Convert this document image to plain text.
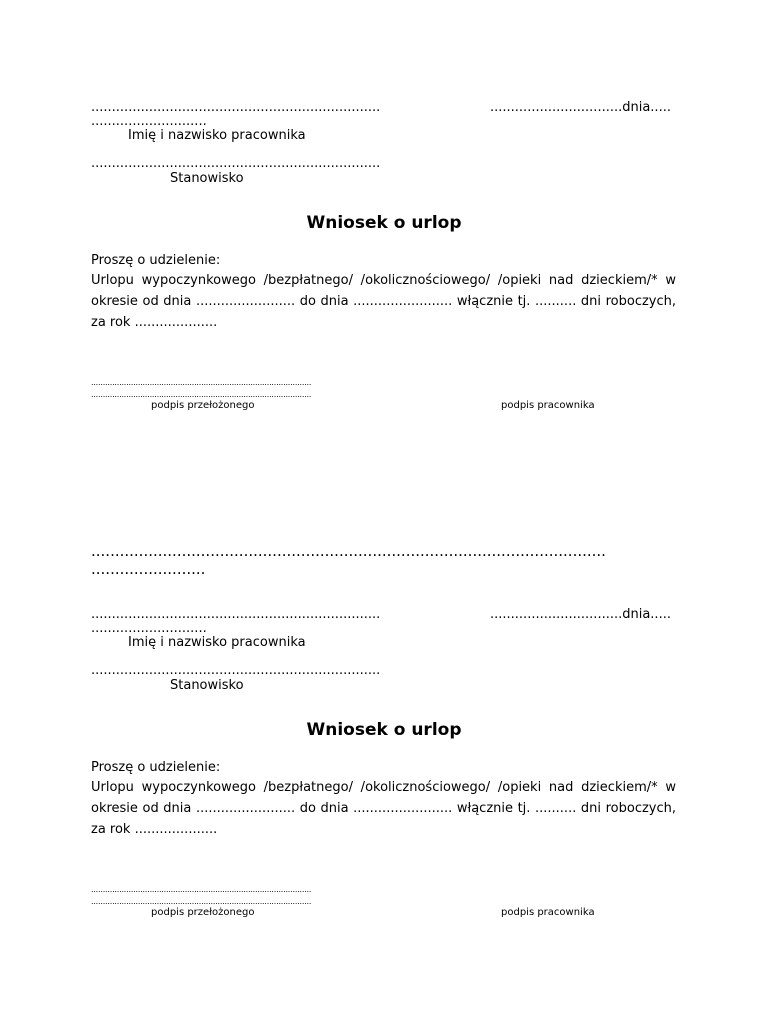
......................................................................	................................dnia.....
............................
Imię i nazwisko pracownika
......................................................................
Stanowisko
Wniosek o urlop
Proszę o udzielenie:
Urlopu wypoczynkowego /bezpłatnego/ /okolicznościowego/ /opieki nad dzieckiem/* w okresie od dnia ........................ do dnia ........................ włącznie tj. .......... dni roboczych, za rok ....................
..............................................................................................
..............................................................................................
podpis przełożonego	podpis pracownika
............................................................................................................
........................
......................................................................	................................dnia.....
............................
Imię i nazwisko pracownika
......................................................................
Stanowisko
Wniosek o urlop
Proszę o udzielenie:
Urlopu wypoczynkowego /bezpłatnego/ /okolicznościowego/ /opieki nad dzieckiem/* w okresie od dnia ........................ do dnia ........................ włącznie tj. .......... dni roboczych, za rok ....................
..............................................................................................
..............................................................................................
podpis przełożonego	podpis pracownika
